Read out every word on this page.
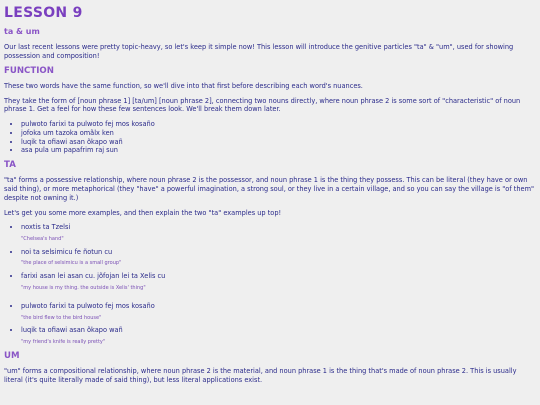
LESSON 9
ta & um

Our last recent lessons were pretty topic-heavy, so let's keep it simple now! This lesson will introduce the genitive particles "ta" & "um", used for showing possession and composition!

FUNCTION

These two words have the same function, so we'll dive into that first before describing each word's nuances.

They take the form of [noun phrase 1] [ta/um] [noun phrase 2], connecting two nouns directly, where noun phrase 2 is some sort of "characteristic" of noun phrase 1. Get a feel for how these few sentences look. We'll break them down later.

• pulwoto farixi ta pulwoto fej mos kosaño
• jofoka um tazoka omãlx ken
• luqik ta ofiawi asan õkapo wañ
• asa pula um papafrim raj sun
TA

"ta" forms a possessive relationship, where noun phrase 2 is the possessor, and noun phrase 1 is the thing they possess. This can be literal (they have or own said thing), or more metaphorical (they "have" a powerful imagination, a strong soul, or they live in a certain village, and so you can say the village is "of them" despite not owning it.)

Let's get you some more examples, and then explain the two "ta" examples up top!

• noxtis ta Tzelsi
"Chelsea's hand"
• noi ta selsimicu fe ñotun cu
"the place of selsimicu is a small group"
• farixi asan lei asan cu. jõfojan lei ta Xelis cu
"my house is my thing. the outside is Xelis' thing"
• pulwoto farixi ta pulwoto fej mos kosaño
"the bird flew to the bird house"
• luqik ta ofiawi asan õkapo wañ
"my friend's knife is really pretty"
UM

"um" forms a compositional relationship, where noun phrase 2 is the material, and noun phrase 1 is the thing that's made of noun phrase 2. This is usually literal (it's quite literally made of said thing), but less literal applications exist.
